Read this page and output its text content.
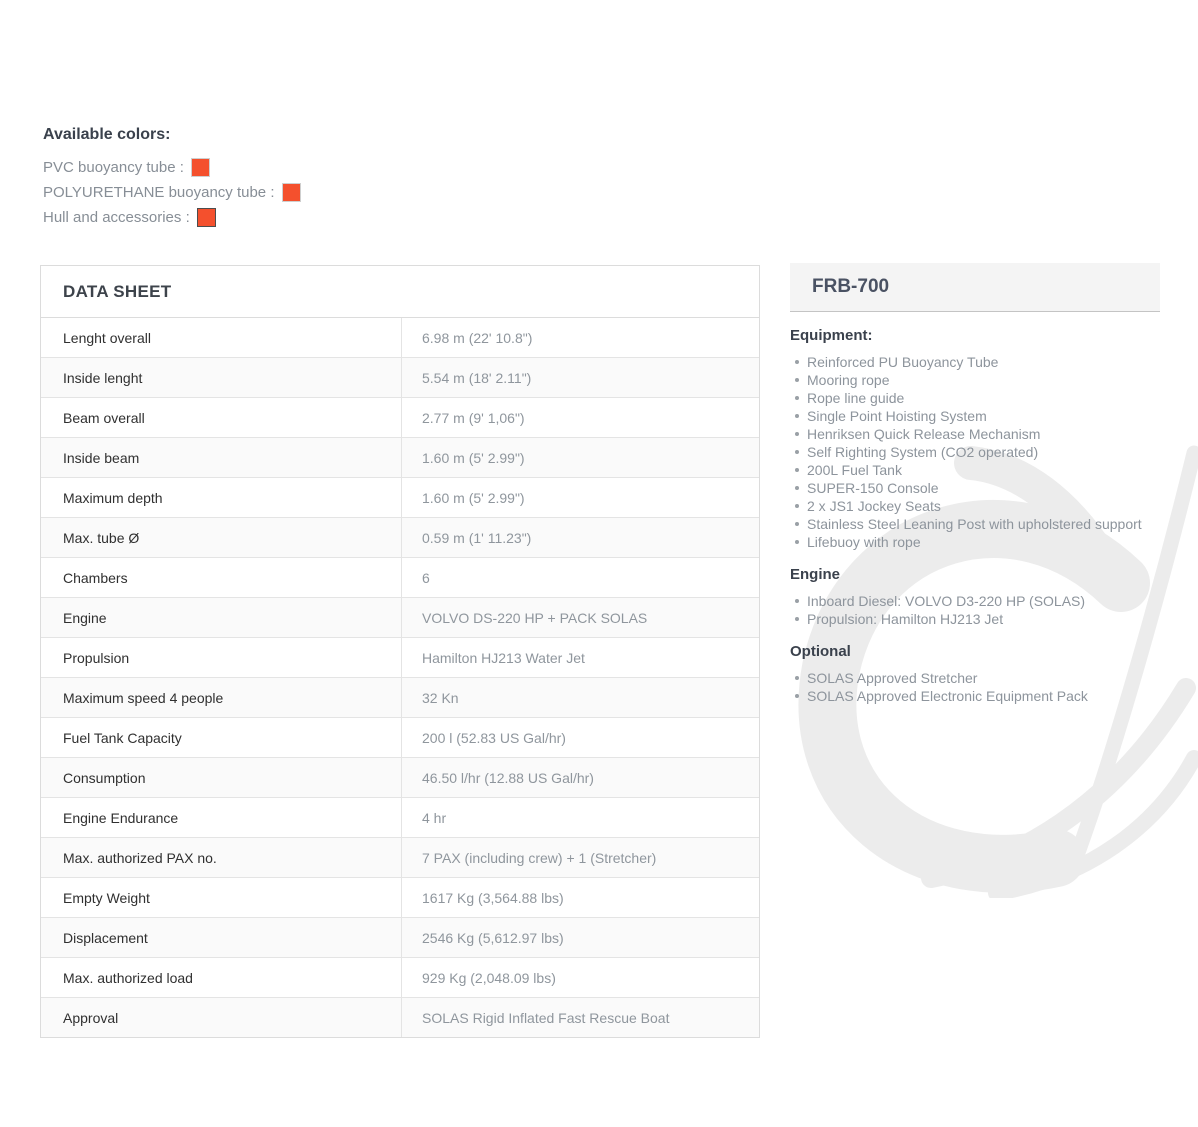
Available colors:
PVC buoyancy tube :
POLYURETHANE buoyancy tube :
Hull and accessories :
DATA SHEET
Lenght overall	6.98 m (22' 10.8")
Inside lenght	5.54 m (18' 2.11")
Beam overall	2.77 m (9' 1,06")
Inside beam	1.60 m (5' 2.99")
Maximum depth	1.60 m (5' 2.99")
Max. tube Ø	0.59 m (1' 11.23")
Chambers	6
Engine	VOLVO DS-220 HP + PACK SOLAS
Propulsion	Hamilton HJ213 Water Jet
Maximum speed 4 people	32 Kn
Fuel Tank Capacity	200 l (52.83 US Gal/hr)
Consumption	46.50 l/hr (12.88 US Gal/hr)
Engine Endurance	4 hr
Max. authorized PAX no.	7 PAX (including crew) + 1 (Stretcher)
Empty Weight	1617 Kg (3,564.88 lbs)
Displacement	2546 Kg (5,612.97 lbs)
Max. authorized load	929 Kg (2,048.09 lbs)
Approval	SOLAS Rigid Inflated Fast Rescue Boat
FRB-700
Equipment:
Reinforced PU Buoyancy Tube
Mooring rope
Rope line guide
Single Point Hoisting System
Henriksen Quick Release Mechanism
Self Righting System (CO2 operated)
200L Fuel Tank
SUPER-150 Console
2 x JS1 Jockey Seats
Stainless Steel Leaning Post with upholstered support
Lifebuoy with rope
Engine
Inboard Diesel: VOLVO D3-220 HP (SOLAS)
Propulsion: Hamilton HJ213 Jet
Optional
SOLAS Approved Stretcher
SOLAS Approved Electronic Equipment Pack
